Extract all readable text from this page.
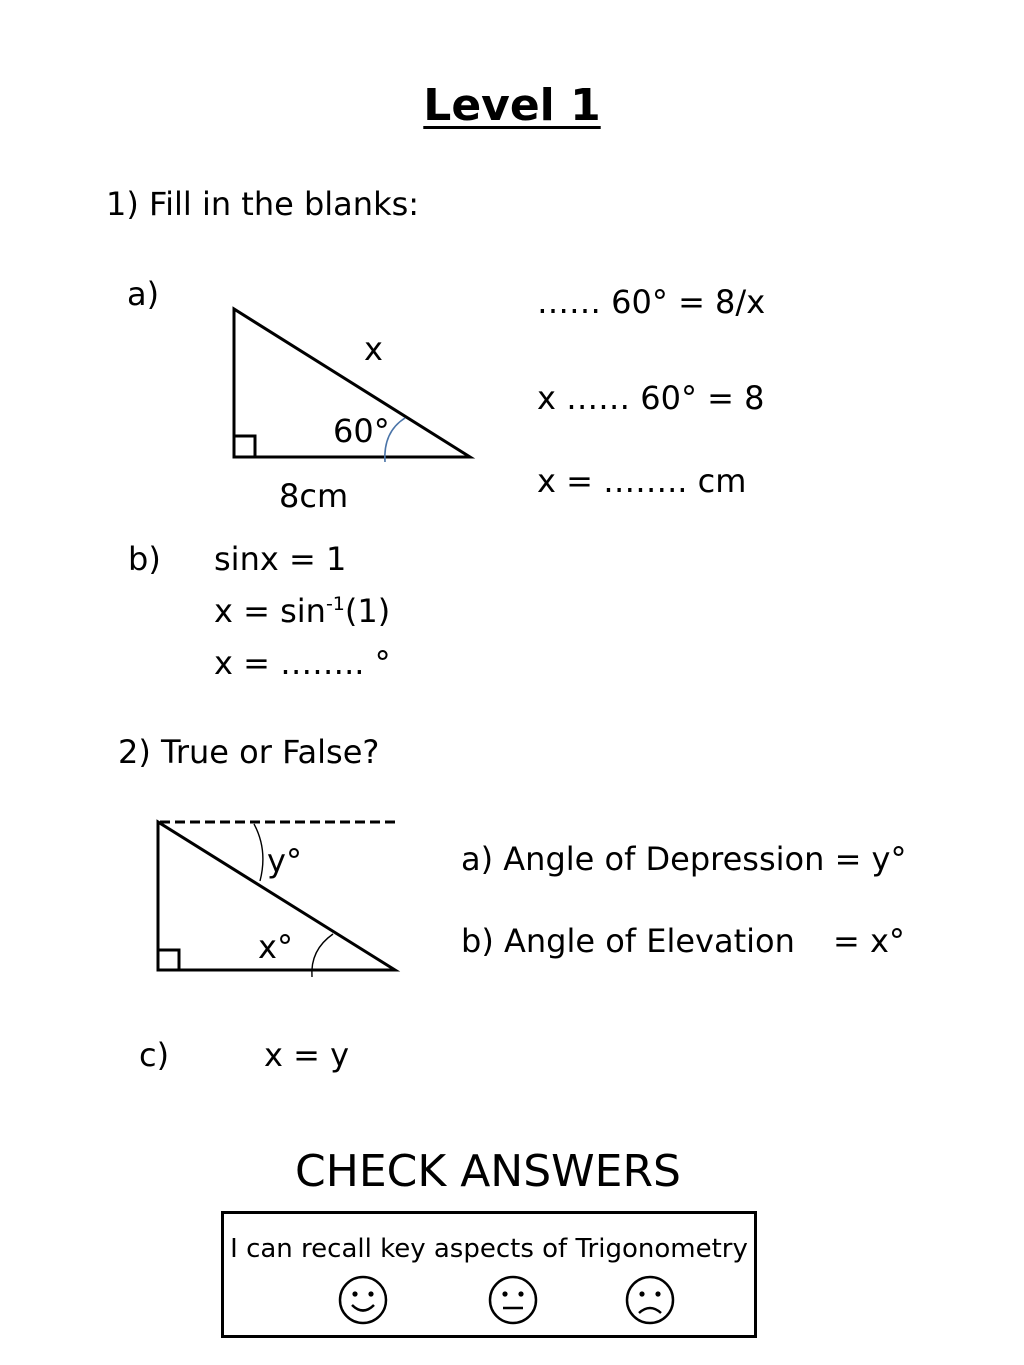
Level 1
1) Fill in the blanks:
a)
x
60°
8cm
…… 60° = 8/x
x …… 60° = 8
x = …….. cm
b) sinx = 1
$x = \sin^{-1}(1)$
x = …….. °
2) True or False?
y°
x°
a) Angle of Depression = y°
b) Angle of Elevation = x°
c)	x = y
CHECK ANSWERS
I can recall key aspects of Trigonometry
